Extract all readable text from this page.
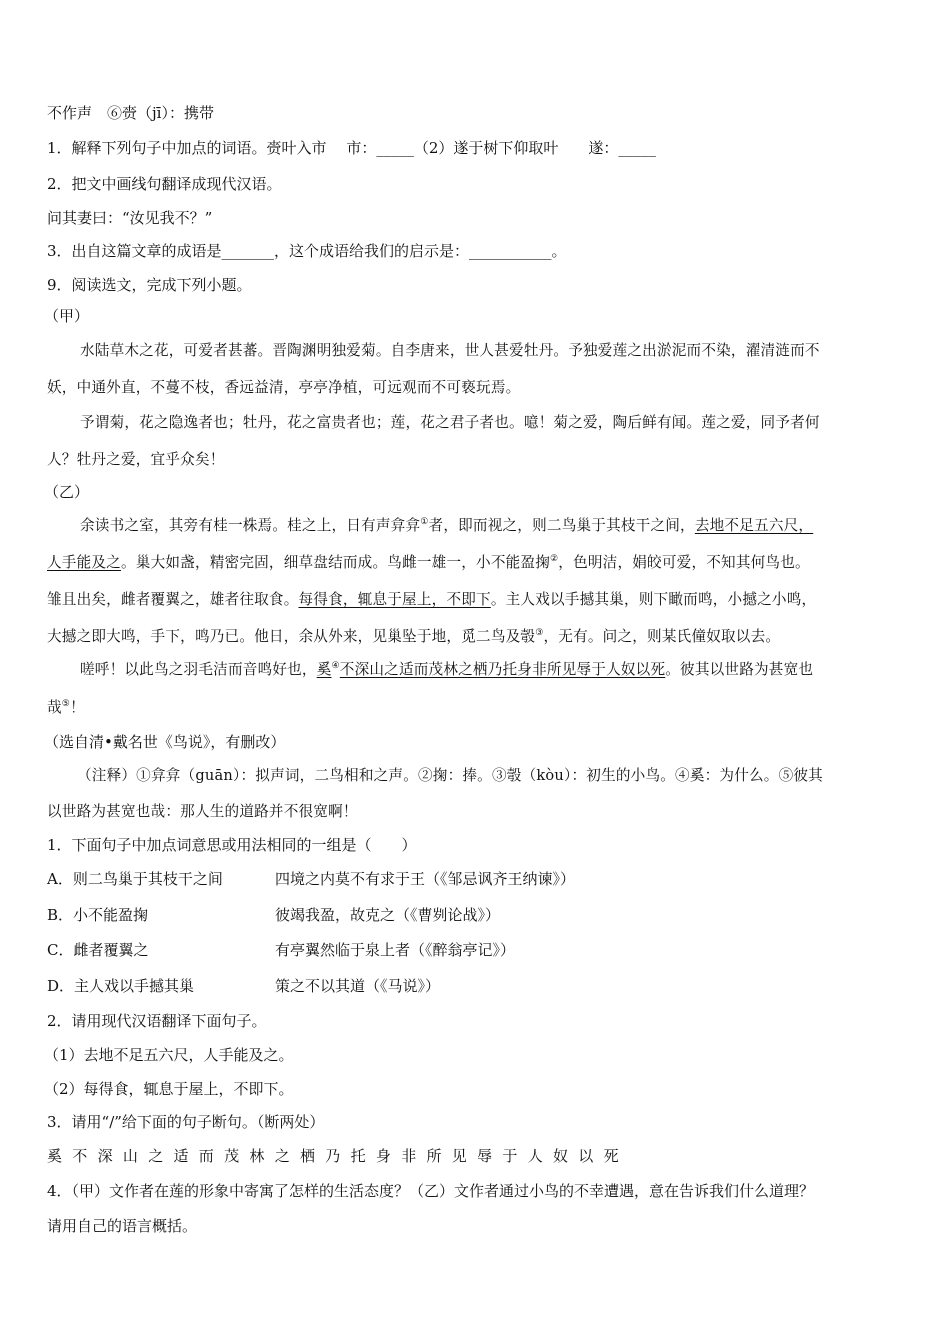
不作声　⑥赍（jī）：携带
1．解释下列句子中加点的词语。赍叶入市　 市：_____（2）遂于树下仰取叶　　遂：_____
2．把文中画线句翻译成现代汉语。
问其妻曰：“汝见我不？”
3．出自这篇文章的成语是_______，这个成语给我们的启示是：___________。
9．阅读选文，完成下列小题。
（甲）
水陆草木之花，可爱者甚蕃。晋陶渊明独爱菊。自李唐来，世人甚爱牡丹。予独爱莲之出淤泥而不染，濯清涟而不
妖，中通外直，不蔓不枝，香远益清，亭亭净植，可远观而不可亵玩焉。
予谓菊，花之隐逸者也；牡丹，花之富贵者也；莲，花之君子者也。噫！菊之爱，陶后鲜有闻。莲之爱，同予者何
人？牡丹之爱，宜乎众矣！
（乙）
余读书之室，其旁有桂一株焉。桂之上，日有声弇弇①者，即而视之，则二鸟巢于其枝干之间，去地不足五六尺，
人手能及之。巢大如盏，精密完固，细草盘结而成。鸟雌一雄一，小不能盈掬②，色明洁，娟皎可爱，不知其何鸟也。
雏且出矣，雌者覆翼之，雄者往取食。每得食，辄息于屋上，不即下。主人戏以手撼其巢，则下瞰而鸣，小撼之小鸣，
大撼之即大鸣，手下，鸣乃已。他日，余从外来，见巢坠于地，觅二鸟及彀③，无有。问之，则某氏僮奴取以去。
嗟呼！以此鸟之羽毛洁而音鸣好也，奚④不深山之适而茂林之栖乃托身非所见辱于人奴以死。彼其以世路为甚宽也
哉⑤！
（选自清•戴名世《鸟说》，有删改）
（注释）①弇弇（guān）：拟声词，二鸟相和之声。②掬：捧。③彀（kòu）：初生的小鸟。④奚：为什么。⑤彼其
以世路为甚宽也哉：那人生的道路并不很宽啊！
1．下面句子中加点词意思或用法相同的一组是（　　）
A．则二鸟巢于其枝干之间	四境之内莫不有求于王（《邹忌讽齐王纳谏》）
B．小不能盈掬	彼竭我盈，故克之（《曹刿论战》）
C．雌者覆翼之	有亭翼然临于泉上者（《醉翁亭记》）
D．主人戏以手撼其巢	策之不以其道（《马说》）
2．请用现代汉语翻译下面句子。
（1）去地不足五六尺，人手能及之。
（2）每得食，辄息于屋上，不即下。
3．请用“/”给下面的句子断句。（断两处）
奚不深山之适而茂林之栖乃托身非所见辱于人奴以死
4．（甲）文作者在莲的形象中寄寓了怎样的生活态度？（乙）文作者通过小鸟的不幸遭遇，意在告诉我们什么道理？
请用自己的语言概括。
